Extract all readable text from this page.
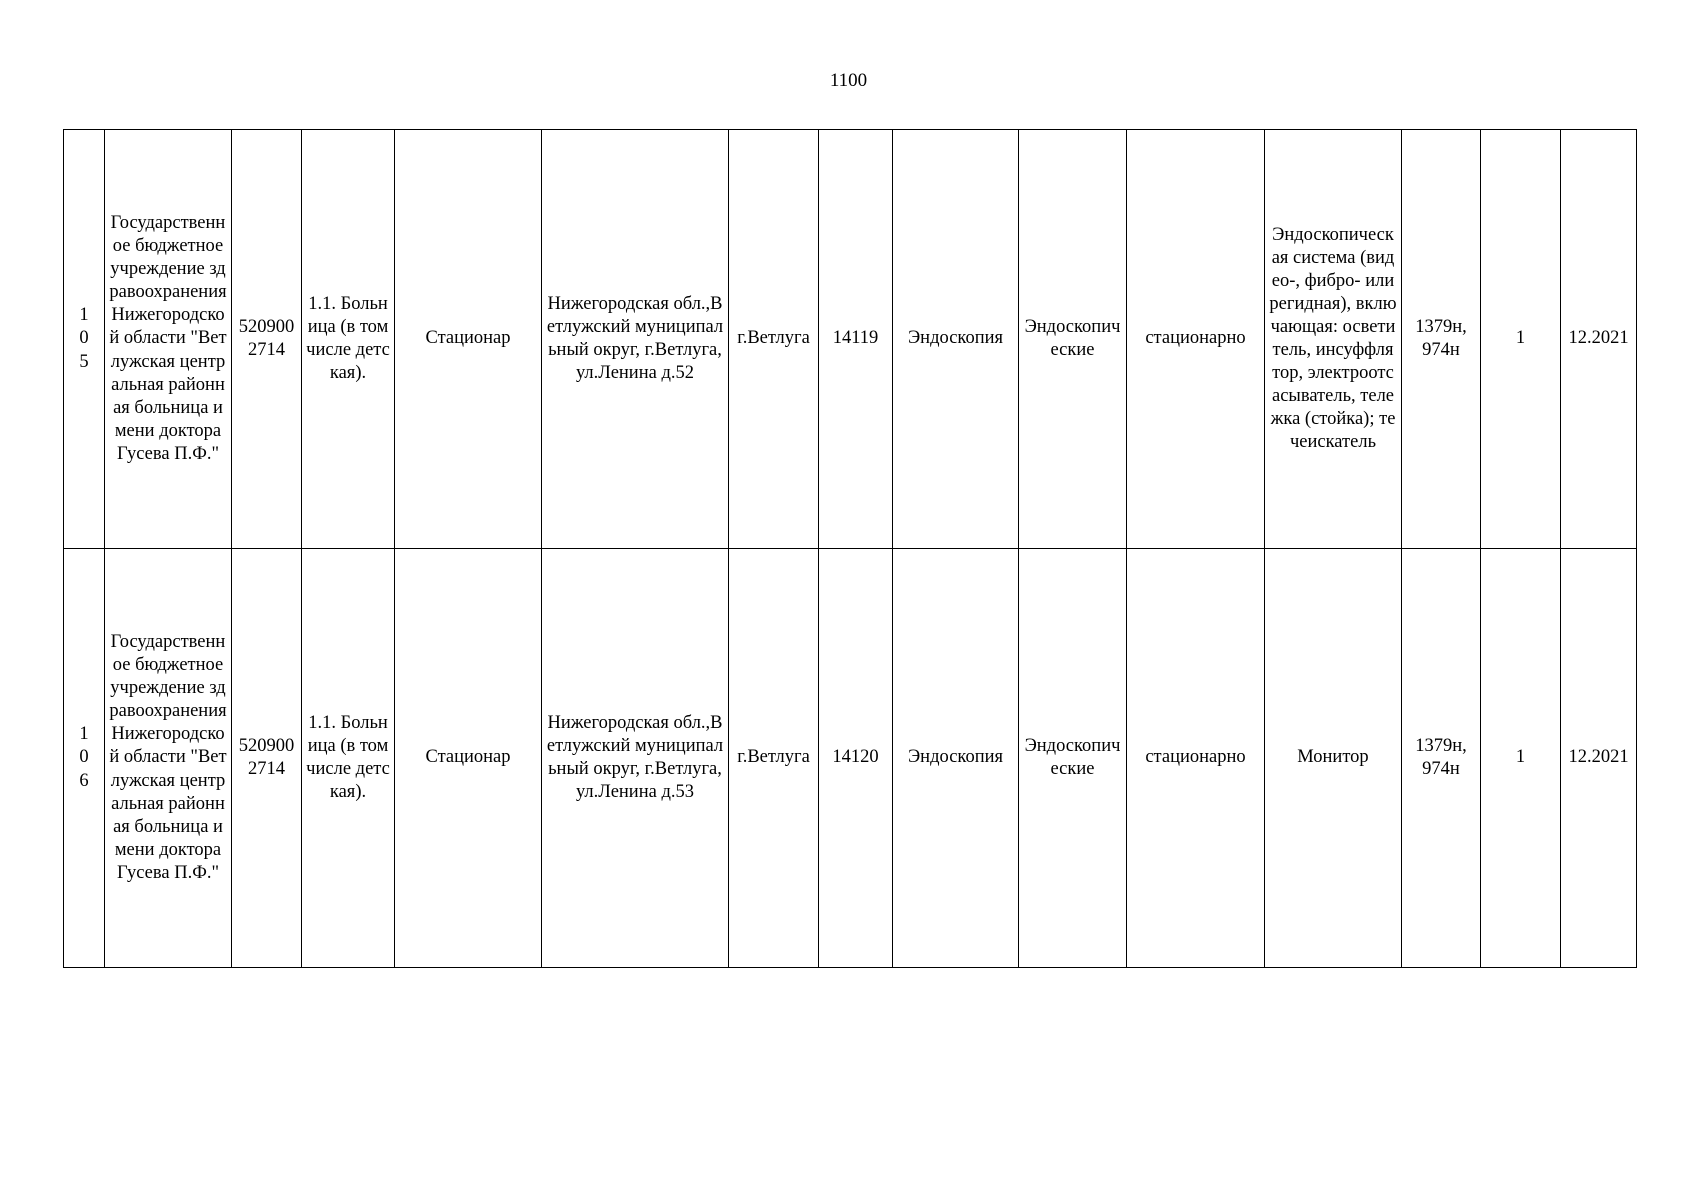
1100
105	Государственное бюджетное учреждение здравоохранения Нижегородской области "Ветлужская центральная районная больница имени доктора Гусева П.Ф."	5209002714	1.1. Больница (в том числе детская).	Стационар	Нижегородская обл.,Ветлужский муниципальный округ, г.Ветлуга,ул.Ленина д.52	г.Ветлуга	14119	Эндоскопия	Эндоскопические	стационарно	Эндоскопическая система (видео-, фибро- или регидная), включающая: осветитель, инсуффлятор, электроотсасыватель, тележка (стойка); течеискатель	1379н, 974н	1	12.2021
106	Государственное бюджетное учреждение здравоохранения Нижегородской области "Ветлужская центральная районная больница имени доктора Гусева П.Ф."	5209002714	1.1. Больница (в том числе детская).	Стационар	Нижегородская обл.,Ветлужский муниципальный округ, г.Ветлуга,ул.Ленина д.53	г.Ветлуга	14120	Эндоскопия	Эндоскопические	стационарно	Монитор	1379н, 974н	1	12.2021
